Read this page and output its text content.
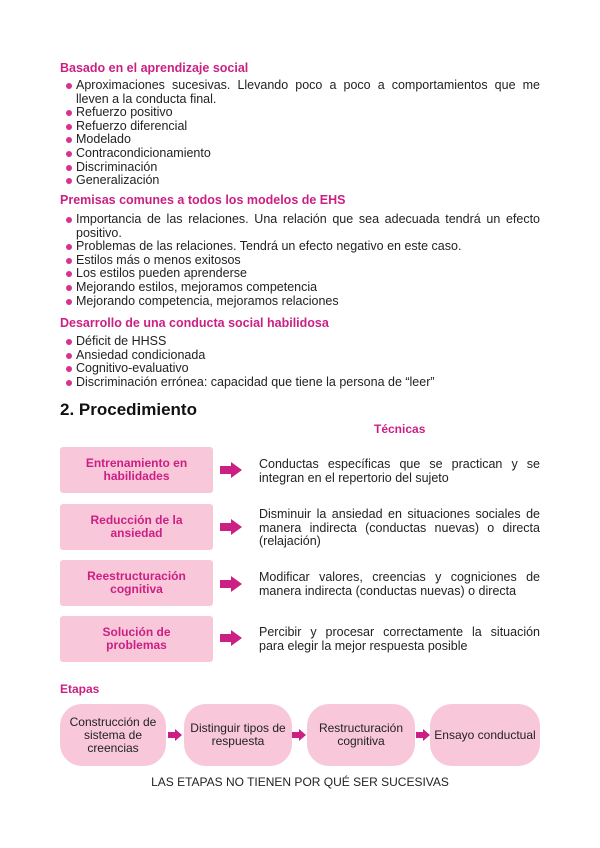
Basado en el aprendizaje social
Aproximaciones sucesivas. Llevando poco a poco a comportamientos que me lleven a la conducta final.
Refuerzo positivo
Refuerzo diferencial
Modelado
Contracondicionamiento
Discriminación
Generalización
Premisas comunes a todos los modelos de EHS
Importancia de las relaciones. Una relación que sea adecuada tendrá un efecto positivo.
Problemas de las relaciones. Tendrá un efecto negativo en este caso.
Estilos más o menos exitosos
Los estilos pueden aprenderse
Mejorando estilos, mejoramos competencia
Mejorando competencia, mejoramos relaciones
Desarrollo de una conducta social habilidosa
Déficit de HHSS
Ansiedad condicionada
Cognitivo-evaluativo
Discriminación errónea: capacidad que tiene la persona de “leer”
2. Procedimiento
Técnicas
Entrenamiento en habilidades
Conductas específicas que se practican y se integran en el repertorio del sujeto
Reducción de la ansiedad
Disminuir la ansiedad en situaciones sociales de manera indirecta (conductas nuevas) o directa (relajación)
Reestructuración cognitiva
Modificar valores, creencias y cogniciones de manera indirecta (conductas nuevas) o directa
Solución de problemas
Percibir y procesar correctamente la situación para elegir la mejor respuesta posible
Etapas
Construcción de sistema de creencias
Distinguir tipos de respuesta
Restructuración cognitiva	Ensayo conductual
LAS ETAPAS NO TIENEN POR QUÉ SER SUCESIVAS
